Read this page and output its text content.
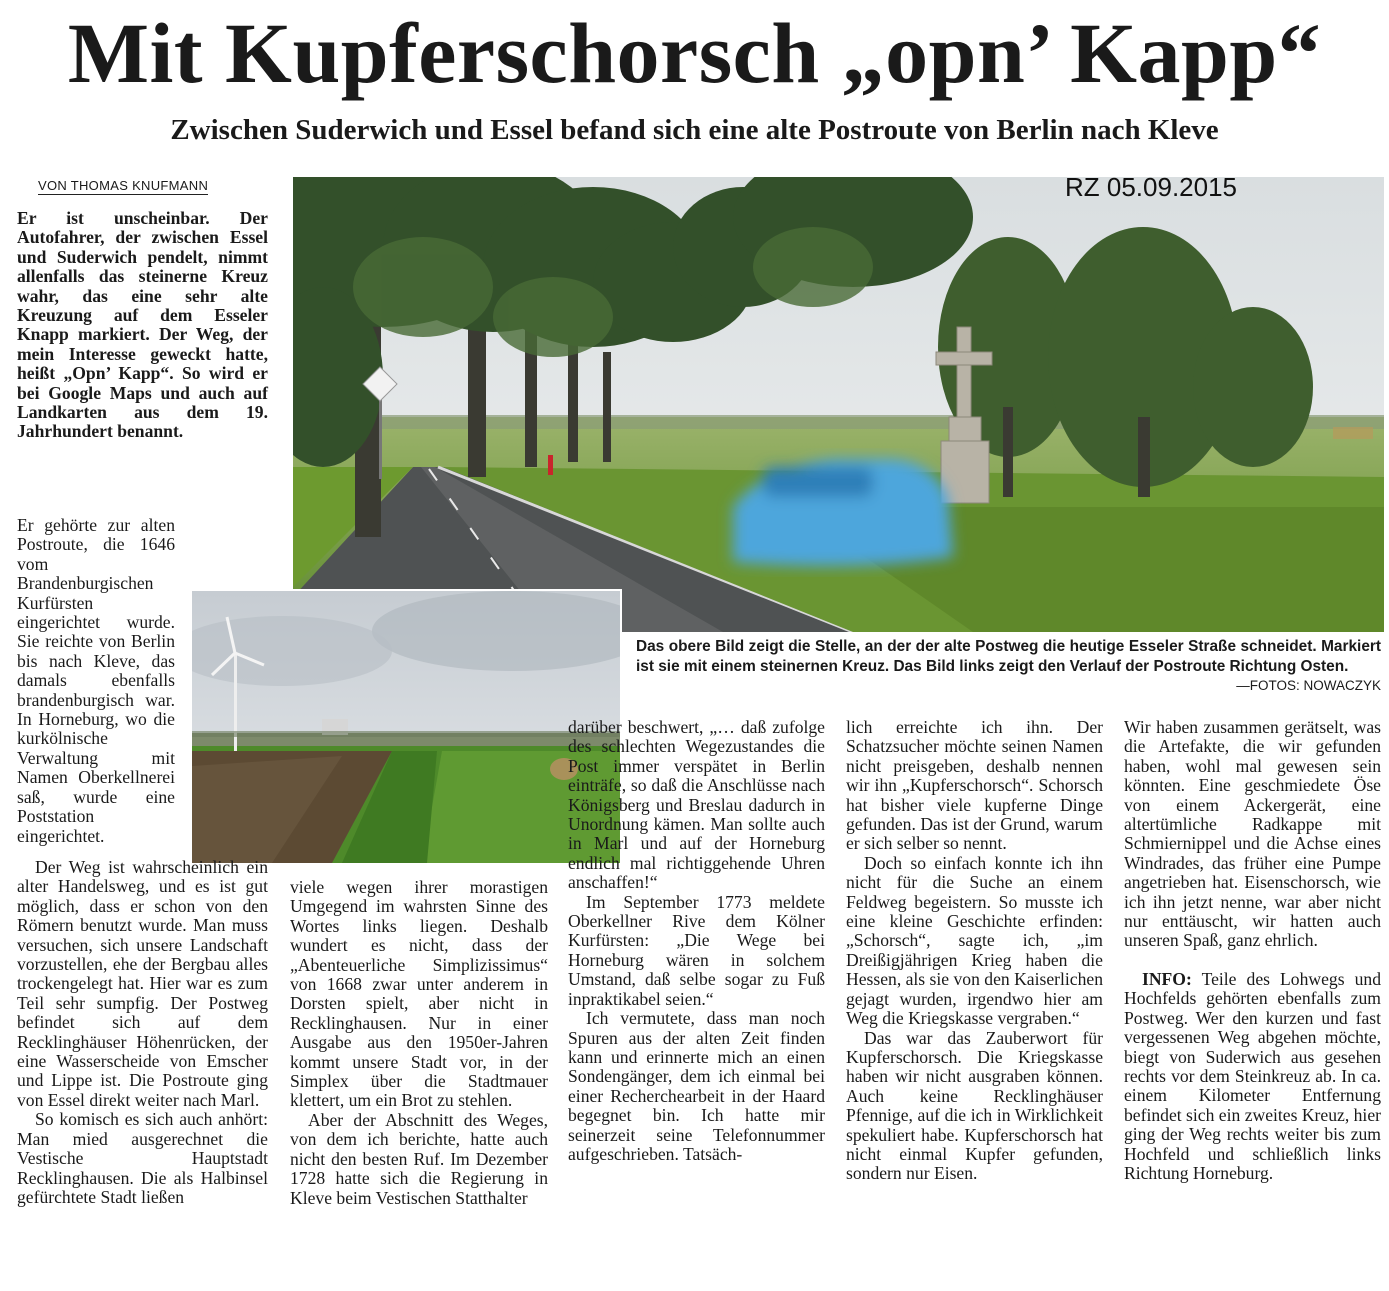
Mit Kupferschorsch „opn’ Kapp“
Zwischen Suderwich und Essel befand sich eine alte Postroute von Berlin nach Kleve
VON THOMAS KNUFMANN
Er ist unscheinbar. Der Autofahrer, der zwischen Essel und Suderwich pendelt, nimmt allenfalls das steinerne Kreuz wahr, das eine sehr alte Kreuzung auf dem Esseler Knapp markiert. Der Weg, der mein Interesse geweckt hatte, heißt „Opn’ Kapp“. So wird er bei Google Maps und auch auf Landkarten aus dem 19. Jahrhundert benannt.
RZ 05.09.2015
Das obere Bild zeigt die Stelle, an der der alte Postweg die heutige Esseler Straße schneidet. Markiert ist sie mit einem steinernen Kreuz. Das Bild links zeigt den Verlauf der Postroute Richtung Osten.
—FOTOS: NOWACZYK

Er gehörte zur alten Postroute, die 1646 vom Brandenburgischen Kurfürsten eingerichtet wurde. Sie reichte von Berlin bis nach Kleve, das damals ebenfalls brandenburgisch war. In Horneburg, wo die kurkölnische Verwaltung mit Namen Oberkellnerei saß, wurde eine Poststation eingerichtet.

Der Weg ist wahrscheinlich ein alter Handelsweg, und es ist gut möglich, dass er schon von den Römern benutzt wurde. Man muss versuchen, sich unsere Landschaft vorzustellen, ehe der Bergbau alles trockengelegt hat. Hier war es zum Teil sehr sumpfig. Der Postweg befindet sich auf dem Recklinghäuser Höhenrücken, der eine Wasserscheide von Emscher und Lippe ist. Die Postroute ging von Essel direkt weiter nach Marl.

So komisch es sich auch anhört: Man mied ausgerechnet die Vestische Hauptstadt Recklinghausen. Die als Halbinsel gefürchtete Stadt ließen

viele wegen ihrer morastigen Umgegend im wahrsten Sinne des Wortes links liegen. Deshalb wundert es nicht, dass der „Abenteuerliche Simplizissimus“ von 1668 zwar unter anderem in Dorsten spielt, aber nicht in Recklinghausen. Nur in einer Ausgabe aus den 1950er-Jahren kommt unsere Stadt vor, in der Simplex über die Stadtmauer klettert, um ein Brot zu stehlen.

Aber der Abschnitt des Weges, von dem ich berichte, hatte auch nicht den besten Ruf. Im Dezember 1728 hatte sich die Regierung in Kleve beim Vestischen Statthalter

darüber beschwert, „… daß zufolge des schlechten Wegezustandes die Post immer verspätet in Berlin einträfe, so daß die Anschlüsse nach Königsberg und Breslau dadurch in Unordnung kämen. Man sollte auch in Marl und auf der Horneburg endlich mal richtiggehende Uhren anschaffen!“

Im September 1773 meldete Oberkellner Rive dem Kölner Kurfürsten: „Die Wege bei Horneburg wären in solchem Umstand, daß selbe sogar zu Fuß inpraktikabel seien.“

Ich vermutete, dass man noch Spuren aus der alten Zeit finden kann und erinnerte mich an einen Sondengänger, dem ich einmal bei einer Recherchearbeit in der Haard begegnet bin. Ich hatte mir seinerzeit seine Telefonnummer aufgeschrieben. Tatsäch-

lich erreichte ich ihn. Der Schatzsucher möchte seinen Namen nicht preisgeben, deshalb nennen wir ihn „Kupferschorsch“. Schorsch hat bisher viele kupferne Dinge gefunden. Das ist der Grund, warum er sich selber so nennt.

Doch so einfach konnte ich ihn nicht für die Suche an einem Feldweg begeistern. So musste ich eine kleine Geschichte erfinden: „Schorsch“, sagte ich, „im Dreißigjährigen Krieg haben die Hessen, als sie von den Kaiserlichen gejagt wurden, irgendwo hier am Weg die Kriegskasse vergraben.“

Das war das Zauberwort für Kupferschorsch. Die Kriegskasse haben wir nicht ausgraben können. Auch keine Recklinghäuser Pfennige, auf die ich in Wirklichkeit spekuliert habe. Kupferschorsch hat nicht einmal Kupfer gefunden, sondern nur Eisen.

Wir haben zusammen gerätselt, was die Artefakte, die wir gefunden haben, wohl mal gewesen sein könnten. Eine geschmiedete Öse von einem Ackergerät, eine altertümliche Radkappe mit Schmiernippel und die Achse eines Windrades, das früher eine Pumpe angetrieben hat. Eisenschorsch, wie ich ihn jetzt nenne, war aber nicht nur enttäuscht, wir hatten auch unseren Spaß, ganz ehrlich.

INFO: Teile des Lohwegs und Hochfelds gehörten ebenfalls zum Postweg. Wer den kurzen und fast vergessenen Weg abgehen möchte, biegt von Suderwich aus gesehen rechts vor dem Steinkreuz ab. In ca. einem Kilometer Entfernung befindet sich ein zweites Kreuz, hier ging der Weg rechts weiter bis zum Hochfeld und schließlich links Richtung Horneburg.
